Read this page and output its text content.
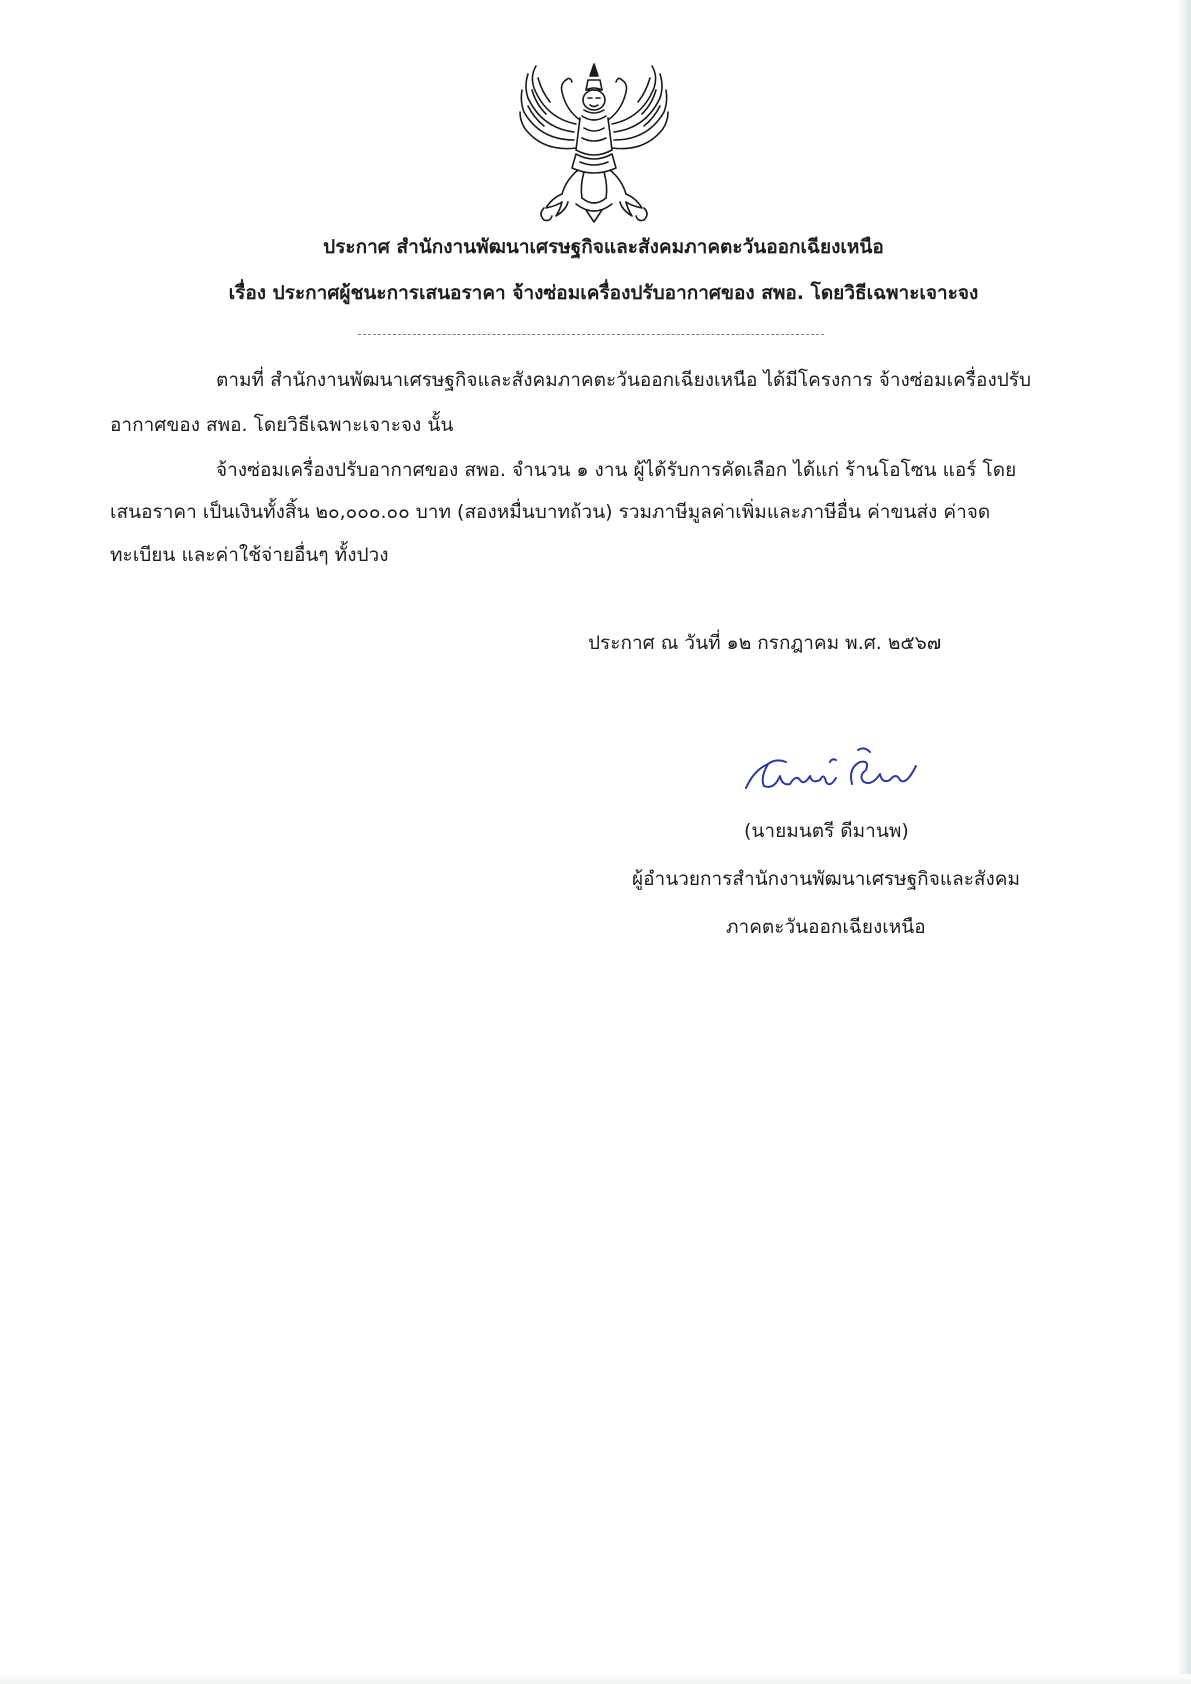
ประกาศ สำนักงานพัฒนาเศรษฐกิจและสังคมภาคตะวันออกเฉียงเหนือ
เรื่อง ประกาศผู้ชนะการเสนอราคา จ้างซ่อมเครื่องปรับอากาศของ สพอ. โดยวิธีเฉพาะเจาะจง
ตามที่ สำนักงานพัฒนาเศรษฐกิจและสังคมภาคตะวันออกเฉียงเหนือ ได้มีโครงการ จ้างซ่อมเครื่องปรับ
อากาศของ สพอ. โดยวิธีเฉพาะเจาะจง นั้น
จ้างซ่อมเครื่องปรับอากาศของ สพอ. จำนวน ๑ งาน ผู้ได้รับการคัดเลือก ได้แก่ ร้านโอโซน แอร์ โดย
เสนอราคา เป็นเงินทั้งสิ้น ๒๐,๐๐๐.๐๐ บาท (สองหมื่นบาทถ้วน) รวมภาษีมูลค่าเพิ่มและภาษีอื่น ค่าขนส่ง ค่าจด
ทะเบียน และค่าใช้จ่ายอื่นๆ ทั้งปวง
ประกาศ ณ วันที่ ๑๒ กรกฎาคม พ.ศ. ๒๕๖๗
(นายมนตรี ดีมานพ)
ผู้อำนวยการสำนักงานพัฒนาเศรษฐกิจและสังคม
ภาคตะวันออกเฉียงเหนือ
